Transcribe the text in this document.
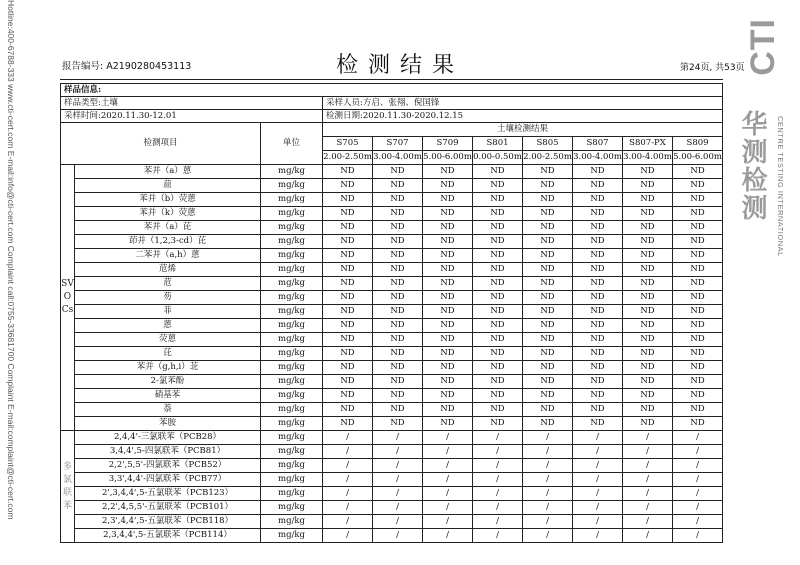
Hotline:400-6788-333 www.cti-cert.com E-mail:info@cti-cert.com Complaint call:0755-33681700 Complaint E-mail:complaint@cti-cert.com	报告编号: A2190280453113	检测结果	第24页, 共53页 CTI
华测检测	CENTRE TESTING INTERNATIONAL
样品信息:										
样品类型:土壤			采样人员:方启、张翔、倪国锋							
采样时间:2020.11.30-12.01			检测日期:2020.11.30-2020.12.15							
检测项目		单位	土壤检测结果							
			S705	S707	S709	S801	S805	S807	S807-PX	S809
			2.00-2.50m	3.00-4.00m	5.00-6.00m	0.00-0.50m	2.00-2.50m	3.00-4.00m	3.00-4.00m	5.00-6.00m
SVOCs	苯并（a）蒽	mg/kg	ND	ND	ND	ND	ND	ND	ND	ND
	䓛	mg/kg	ND	ND	ND	ND	ND	ND	ND	ND
	苯并（b）荧蒽	mg/kg	ND	ND	ND	ND	ND	ND	ND	ND
	苯并（k）荧蒽	mg/kg	ND	ND	ND	ND	ND	ND	ND	ND
	苯并（a）芘	mg/kg	ND	ND	ND	ND	ND	ND	ND	ND
	茚并（1,2,3-cd）芘	mg/kg	ND	ND	ND	ND	ND	ND	ND	ND
	二苯并（a,h）蒽	mg/kg	ND	ND	ND	ND	ND	ND	ND	ND
	苊烯	mg/kg	ND	ND	ND	ND	ND	ND	ND	ND
	苊	mg/kg	ND	ND	ND	ND	ND	ND	ND	ND
	芴	mg/kg	ND	ND	ND	ND	ND	ND	ND	ND
	菲	mg/kg	ND	ND	ND	ND	ND	ND	ND	ND
	蒽	mg/kg	ND	ND	ND	ND	ND	ND	ND	ND
	荧蒽	mg/kg	ND	ND	ND	ND	ND	ND	ND	ND
	芘	mg/kg	ND	ND	ND	ND	ND	ND	ND	ND
	苯并（g,h,i）苝	mg/kg	ND	ND	ND	ND	ND	ND	ND	ND
	2-氯苯酚	mg/kg	ND	ND	ND	ND	ND	ND	ND	ND
	硝基苯	mg/kg	ND	ND	ND	ND	ND	ND	ND	ND
	萘	mg/kg	ND	ND	ND	ND	ND	ND	ND	ND
	苯胺	mg/kg	ND	ND	ND	ND	ND	ND	ND	ND
多氯联苯	2,4,4'-三氯联苯（PCB28）	mg/kg	/	/	/	/	/	/	/	/
	3,4,4',5-四氯联苯（PCB81）	mg/kg	/	/	/	/	/	/	/	/
	2,2',5,5'-四氯联苯（PCB52）	mg/kg	/	/	/	/	/	/	/	/
	3,3',4,4'-四氯联苯（PCB77）	mg/kg	/	/	/	/	/	/	/	/
	2',3,4,4',5-五氯联苯（PCB123）	mg/kg	/	/	/	/	/	/	/	/
	2,2',4,5,5'-五氯联苯（PCB101）	mg/kg	/	/	/	/	/	/	/	/
	2,3',4,4',5-五氯联苯（PCB118）	mg/kg	/	/	/	/	/	/	/	/
	2,3,4,4',5-五氯联苯（PCB114）	mg/kg	/	/	/	/	/	/	/	/
